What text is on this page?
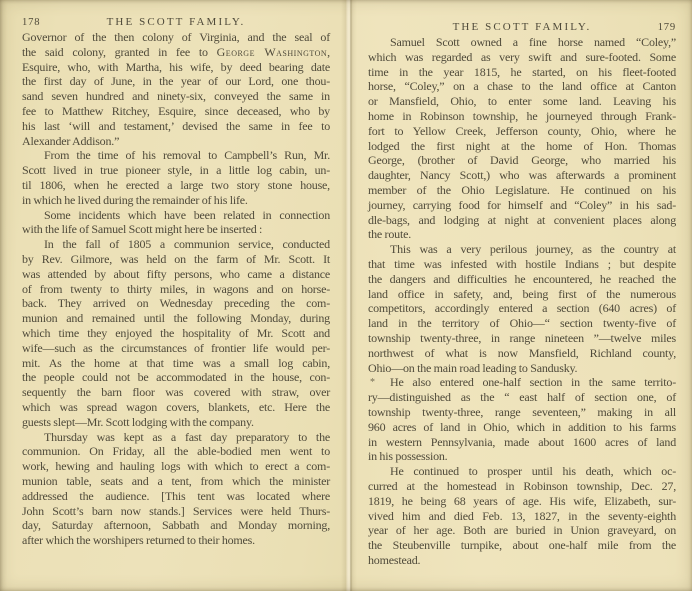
178	THE SCOTT FAMILY.
Governor of the then colony of Virginia, and the seal of
the said colony, granted in fee to George Washington,
Esquire, who, with Martha, his wife, by deed bearing date
the first day of June, in the year of our Lord, one thou-
sand seven hundred and ninety-six, conveyed the same in
fee to Matthew Ritchey, Esquire, since deceased, who by
his last ‘will and testament,’ devised the same in fee to
Alexander Addison.”
From the time of his removal to Campbell’s Run, Mr.
Scott lived in true pioneer style, in a little log cabin, un-
til 1806, when he erected a large two story stone house,
in which he lived during the remainder of his life.
Some incidents which have been related in connection
with the life of Samuel Scott might here be inserted :
In the fall of 1805 a communion service, conducted
by Rev. Gilmore, was held on the farm of Mr. Scott. It
was attended by about fifty persons, who came a distance
of from twenty to thirty miles, in wagons and on horse-
back. They arrived on Wednesday preceding the com-
munion and remained until the following Monday, during
which time they enjoyed the hospitality of Mr. Scott and
wife—such as the circumstances of frontier life would per-
mit. As the home at that time was a small log cabin,
the people could not be accommodated in the house, con-
sequently the barn floor was covered with straw, over
which was spread wagon covers, blankets, etc. Here the
guests slept—Mr. Scott lodging with the company.
Thursday was kept as a fast day preparatory to the
communion. On Friday, all the able-bodied men went to
work, hewing and hauling logs with which to erect a com-
munion table, seats and a tent, from which the minister
addressed the audience. [This tent was located where
John Scott’s barn now stands.] Services were held Thurs-
day, Saturday afternoon, Sabbath and Monday morning,
after which the worshipers returned to their homes.
THE SCOTT FAMILY.	179
Samuel Scott owned a fine horse named “Coley,”
which was regarded as very swift and sure-footed. Some
time in the year 1815, he started, on his fleet-footed
horse, “Coley,” on a chase to the land office at Canton
or Mansfield, Ohio, to enter some land. Leaving his
home in Robinson township, he journeyed through Frank-
fort to Yellow Creek, Jefferson county, Ohio, where he
lodged the first night at the home of Hon. Thomas
George, (brother of David George, who married his
daughter, Nancy Scott,) who was afterwards a prominent
member of the Ohio Legislature. He continued on his
journey, carrying food for himself and “Coley” in his sad-
dle-bags, and lodging at night at convenient places along
the route.
This was a very perilous journey, as the country at
that time was infested with hostile Indians ; but despite
the dangers and difficulties he encountered, he reached the
land office in safety, and, being first of the numerous
competitors, accordingly entered a section (640 acres) of
land in the territory of Ohio—“ section twenty-five of
township twenty-three, in range nineteen ”—twelve miles
northwest of what is now Mansfield, Richland county,
Ohio—on the main road leading to Sandusky.
He also entered one-half section in the same territo-
ry—distinguished as the “ east half of section one, of
township twenty-three, range seventeen,” making in all
960 acres of land in Ohio, which in addition to his farms
in western Pennsylvania, made about 1600 acres of land
in his possession.
He continued to prosper until his death, which oc-
curred at the homestead in Robinson township, Dec. 27,
1819, he being 68 years of age. His wife, Elizabeth, sur-
vived him and died Feb. 13, 1827, in the seventy-eighth
year of her age. Both are buried in Union graveyard, on
the Steubenville turnpike, about one-half mile from the
homestead.
*
